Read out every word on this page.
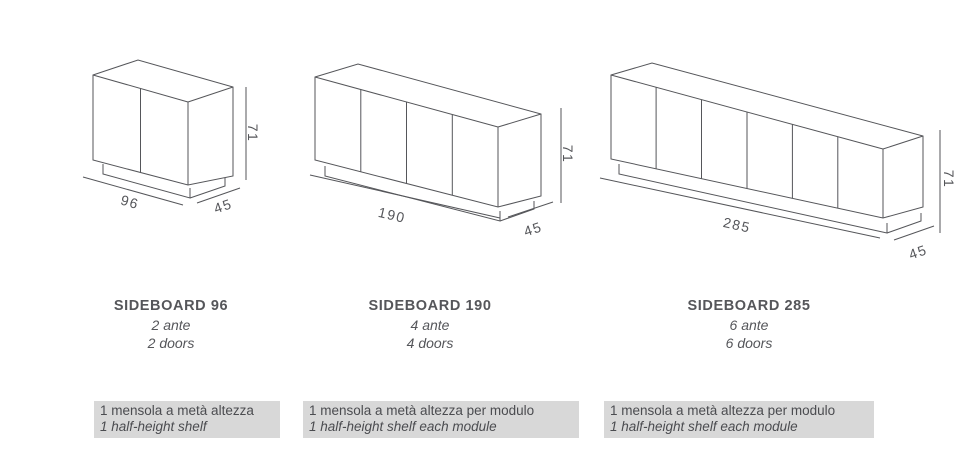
96	45
71
190
45
71
285
45
71
SIDEBOARD 96
2 ante
2 doors
SIDEBOARD 190
4 ante
4 doors
SIDEBOARD 285
6 ante
6 doors
1 mensola a metà altezza
1 half-height shelf
1 mensola a metà altezza per modulo
1 half-height shelf each module
1 mensola a metà altezza per modulo
1 half-height shelf each module
